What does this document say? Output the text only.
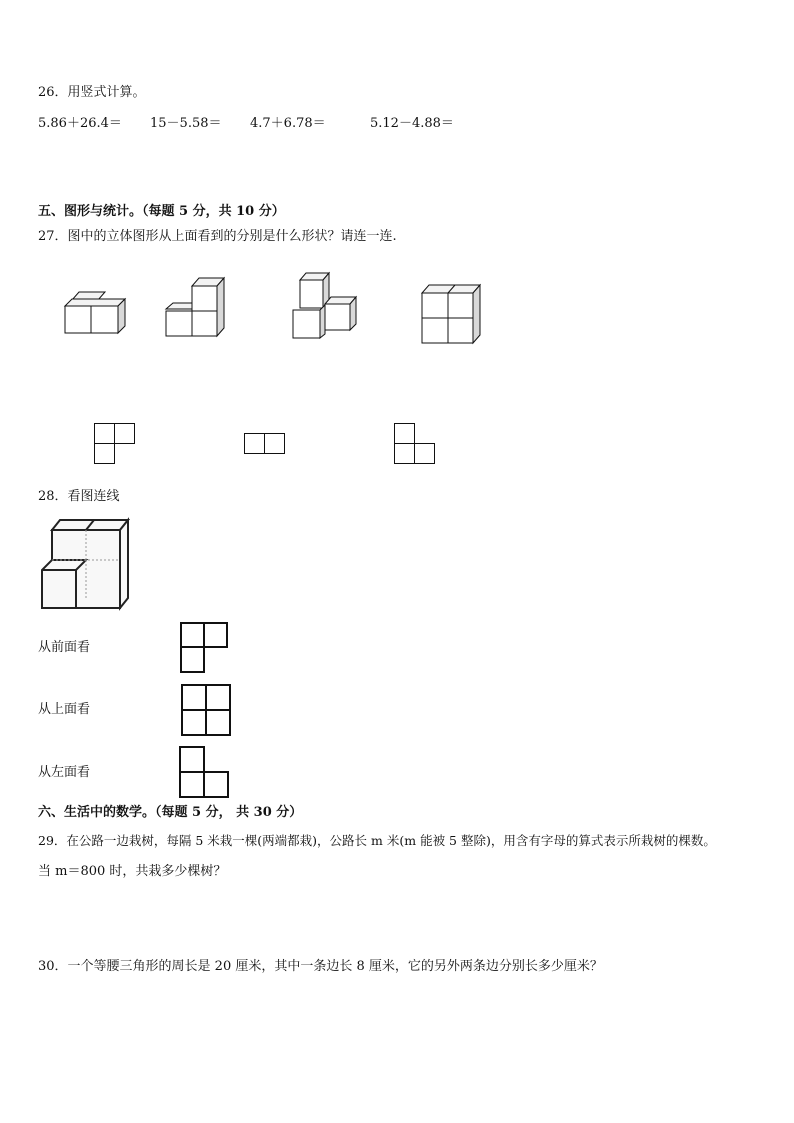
26．用竖式计算。
5.86＋26.4＝ 15－5.58＝ 4.7＋6.78＝	5.12－4.88＝
五、图形与统计。（每题 5 分，共 10 分）
27．图中的立体图形从上面看到的分别是什么形状？请连一连.
28．看图连线
从前面看
从上面看
从左面看
六、生活中的数学。（每题 5 分， 共 30 分）
29．在公路一边栽树，每隔 5 米栽一棵(两端都栽)，公路长 m 米(m 能被 5 整除)，用含有字母的算式表示所栽树的棵数。
当 m＝800 时，共栽多少棵树？
30．一个等腰三角形的周长是 20 厘米，其中一条边长 8 厘米，它的另外两条边分别长多少厘米？
